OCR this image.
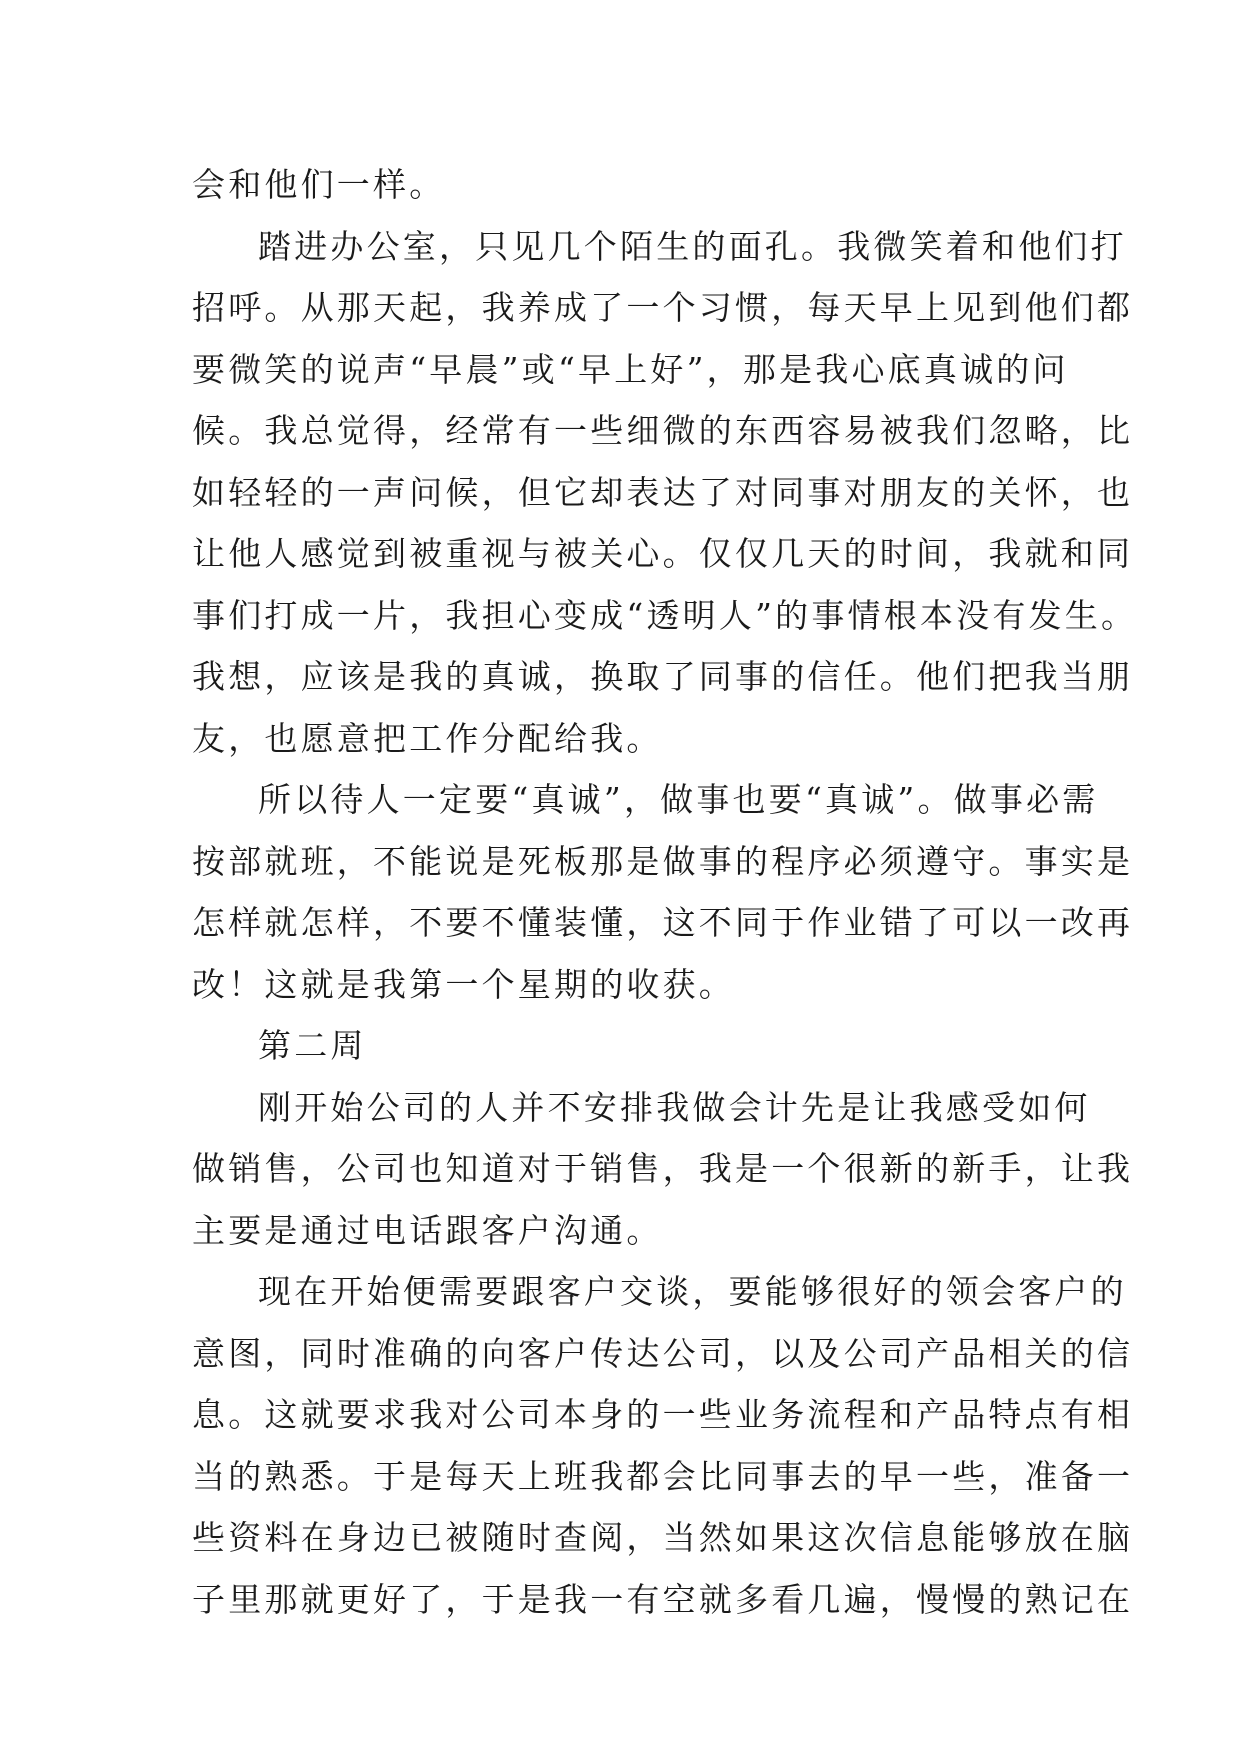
会和他们一样。

踏进办公室，只见几个陌生的面孔。我微笑着和他们打

招呼。从那天起，我养成了一个习惯，每天早上见到他们都

要微笑的说声“早晨”或“早上好”，那是我心底真诚的问

候。我总觉得，经常有一些细微的东西容易被我们忽略，比

如轻轻的一声问候，但它却表达了对同事对朋友的关怀，也

让他人感觉到被重视与被关心。仅仅几天的时间，我就和同

事们打成一片，我担心变成“透明人”的事情根本没有发生。

我想，应该是我的真诚，换取了同事的信任。他们把我当朋

友，也愿意把工作分配给我。

所以待人一定要“真诚”，做事也要“真诚”。做事必需

按部就班，不能说是死板那是做事的程序必须遵守。事实是

怎样就怎样，不要不懂装懂，这不同于作业错了可以一改再

改！这就是我第一个星期的收获。

第二周

刚开始公司的人并不安排我做会计先是让我感受如何

做销售，公司也知道对于销售，我是一个很新的新手，让我

主要是通过电话跟客户沟通。

现在开始便需要跟客户交谈，要能够很好的领会客户的

意图，同时准确的向客户传达公司，以及公司产品相关的信

息。这就要求我对公司本身的一些业务流程和产品特点有相

当的熟悉。于是每天上班我都会比同事去的早一些，准备一

些资料在身边已被随时查阅，当然如果这次信息能够放在脑

子里那就更好了，于是我一有空就多看几遍，慢慢的熟记在
